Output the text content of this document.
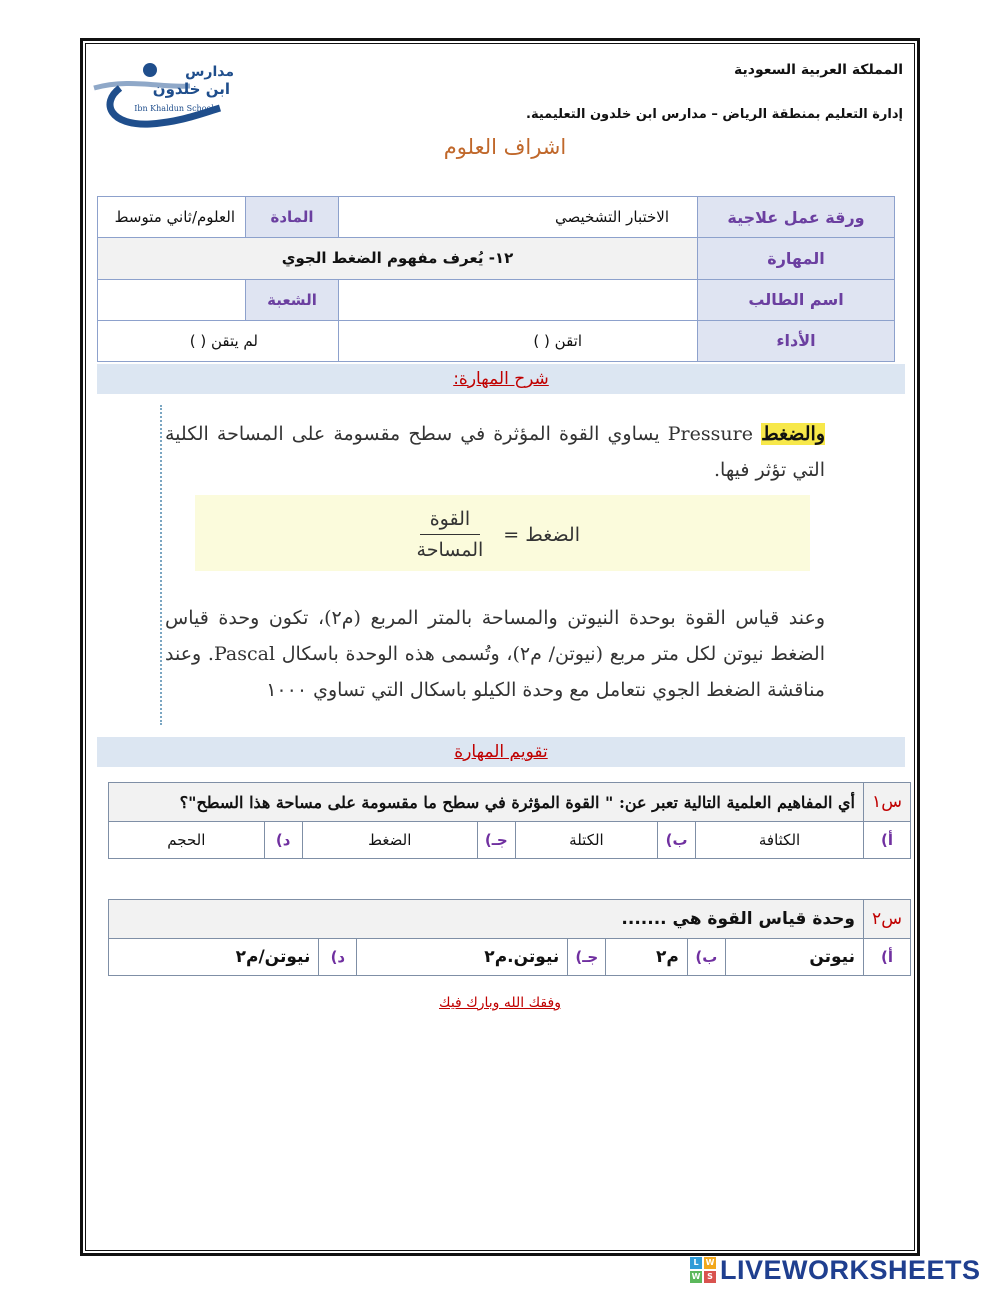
مدارس
ابن خلدون
Ibn Khaldun Schools
المملكة العربية السعودية
إدارة التعليم بمنطقة الرياض – مدارس ابن خلدون التعليمية.
اشراف العلوم
ورقة عمل علاجية	الاختبار التشخيصي	المادة	العلوم/ثاني متوسط
المهارة	١٢- يُعرف مفهوم الضغط الجوي		
اسم الطالب		الشعبة	
الأداء	اتقن ( )	لم يتقن ( )	
شرح المهارة:
والضغط Pressure يساوي القوة المؤثرة في سطح مقسومة على المساحة الكلية التي تؤثر فيها.
الضغط =
$\frac{\text{القوة}}{\text{المساحة}}$
وعند قياس القوة بوحدة النيوتن والمساحة بالمتر المربع (م٢)، تكون وحدة قياس الضغط نيوتن لكل متر مربع (نيوتن/ م٢)، وتُسمى هذه الوحدة باسكال Pascal. وعند مناقشة الضغط الجوي نتعامل مع وحدة الكيلو باسكال التي تساوي ١٠٠٠
تقويم المهارة
س١	أي المفاهيم العلمية التالية تعبر عن: " القوة المؤثرة في سطح ما مقسومة على مساحة هذا السطح"؟						
أ)	الكثافة	ب)	الكتلة	جـ)	الضغط	د)	الحجم
س٢	وحدة قياس القوة هي .......						
أ)	نيوتن	ب)	م٢	جـ)	نيوتن.م٢	د)	نيوتن/م٢
وفقك الله وبارك فيك
L W
W S LIVEWORKSHEETS
